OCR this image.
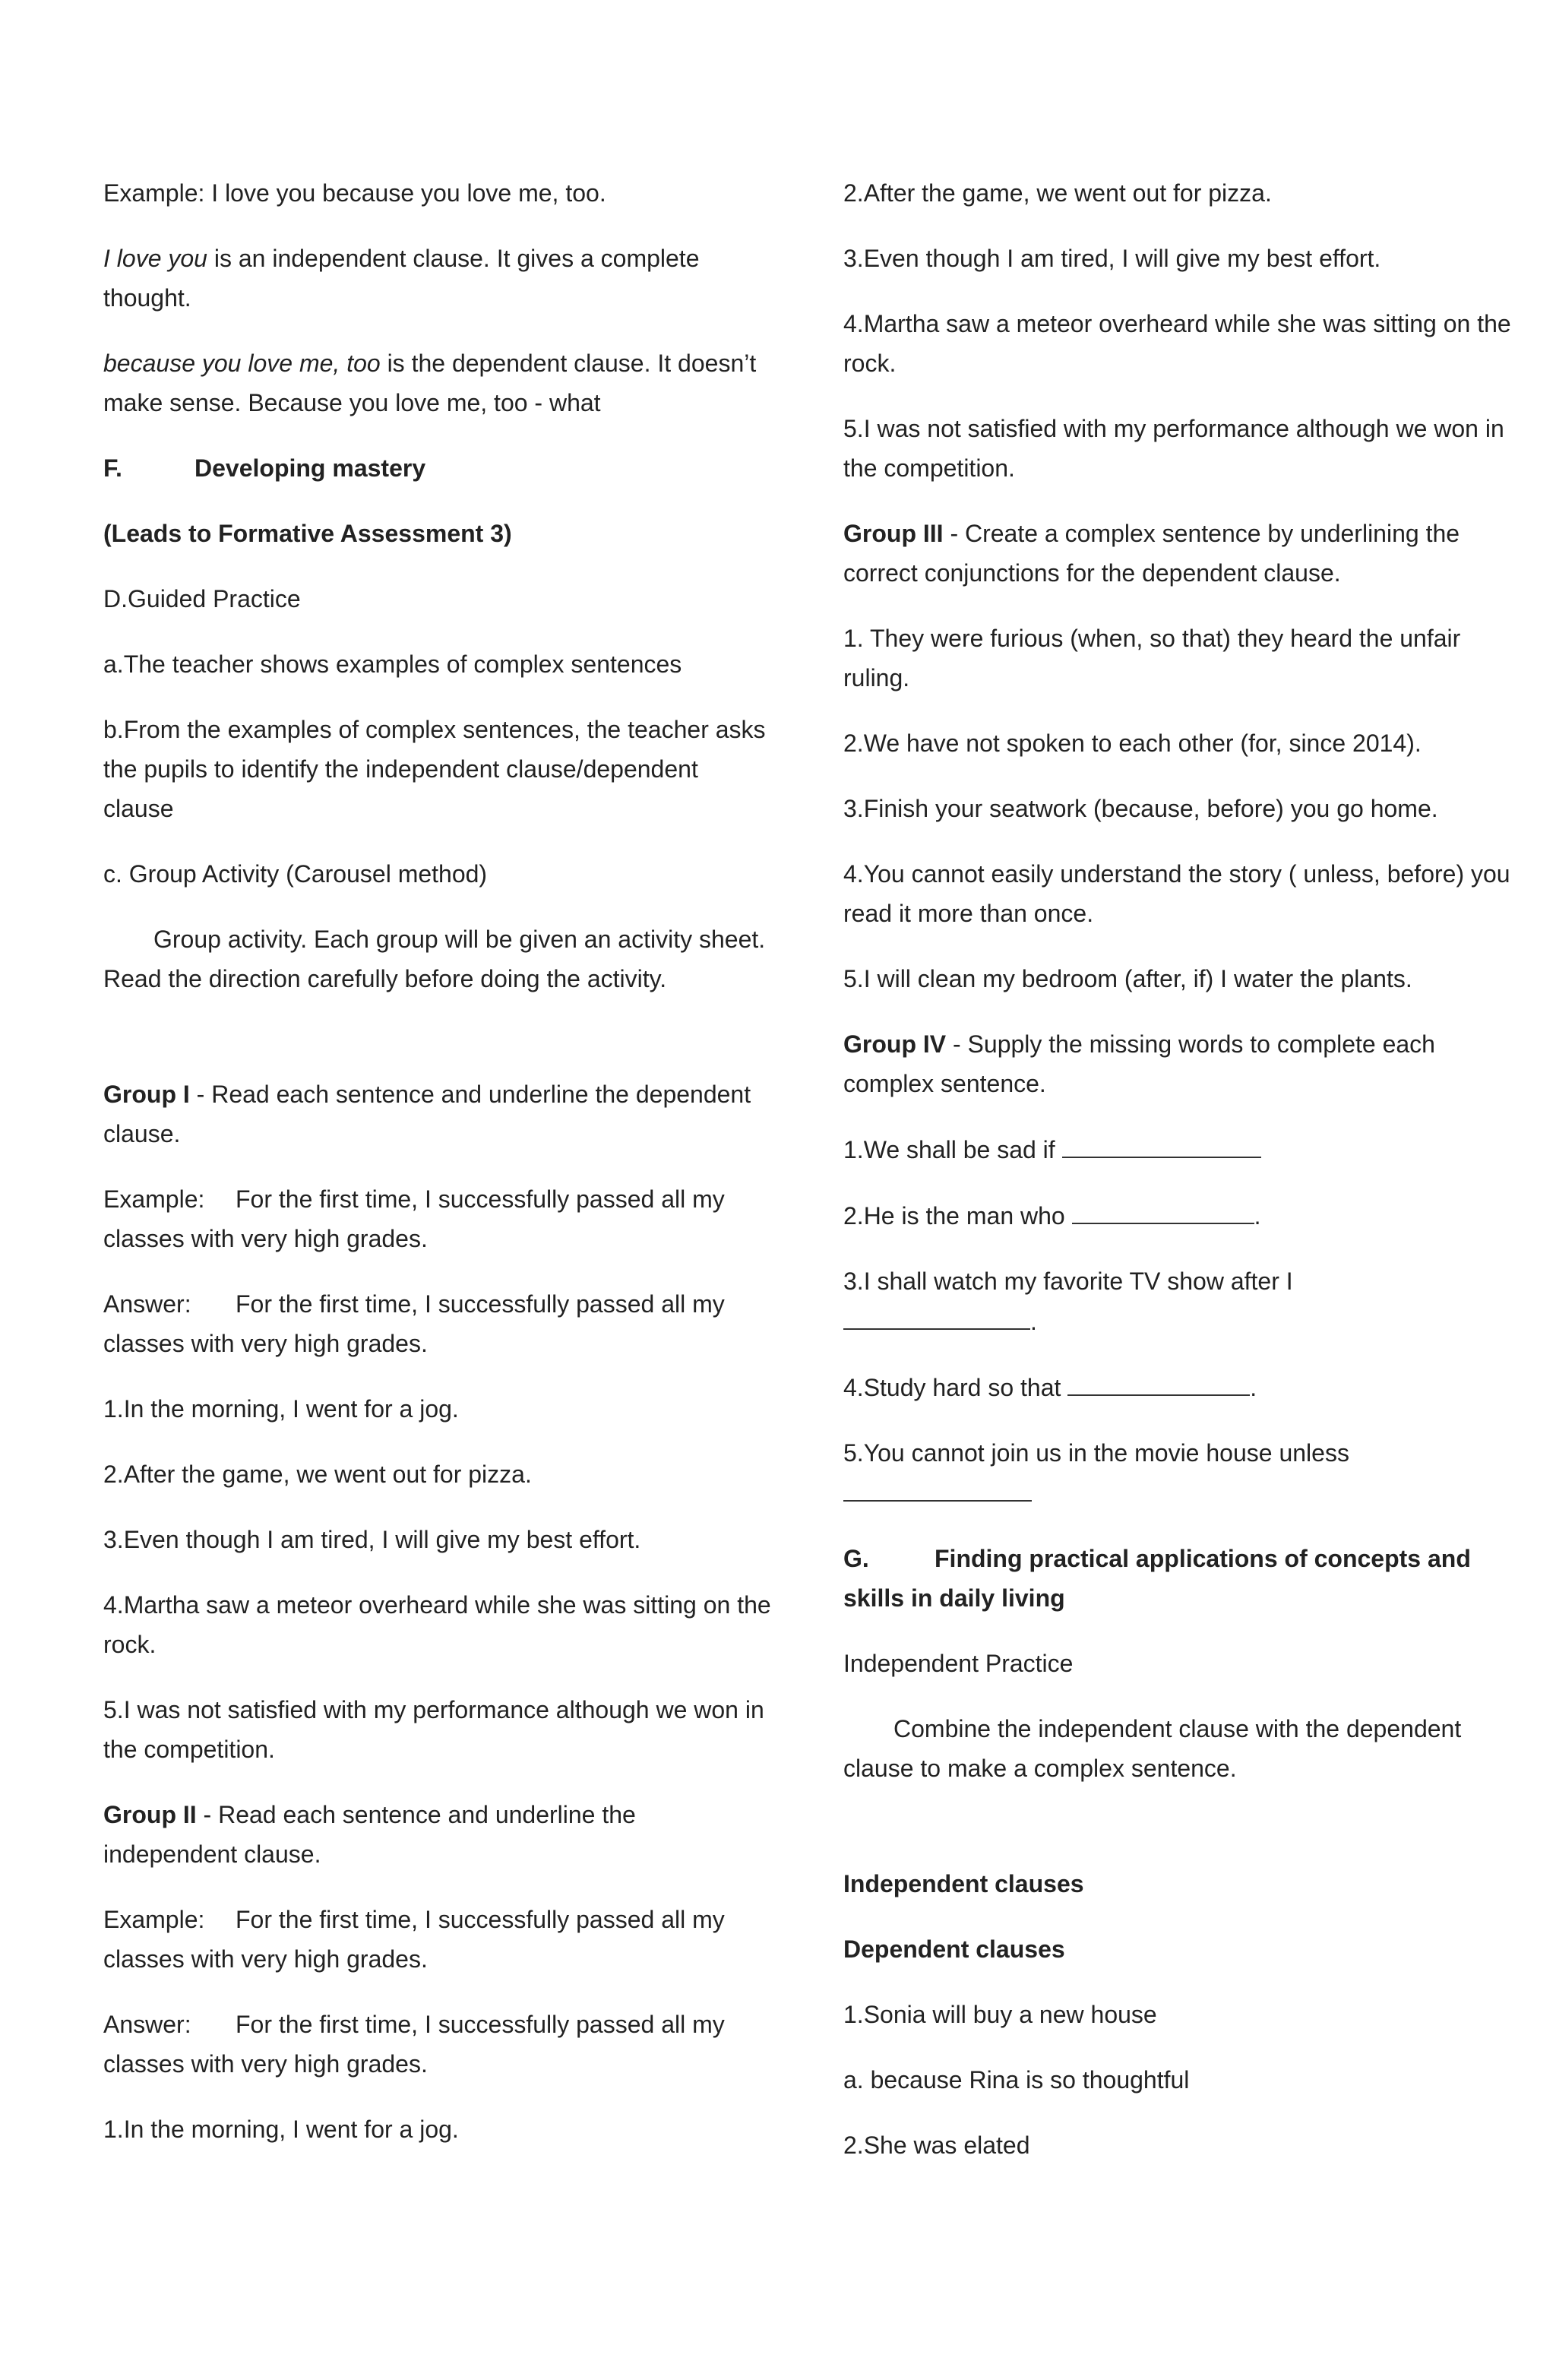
Example: I love you because you love me, too.

I love you is an independent clause. It gives a complete thought.

because you love me, too is the dependent clause. It doesn’t make sense. Because you love me, too - what

F.	Developing mastery

(Leads to Formative Assessment 3)

D.Guided Practice

a.The teacher shows examples of complex sentences

b.From the examples of complex sentences, the teacher asks the pupils to identify the independent clause/dependent clause

c. Group Activity (Carousel method)

Group activity. Each group will be given an activity sheet. Read the direction carefully before doing the activity.

Group I - Read each sentence and underline the dependent clause.

Example: For the first time, I successfully passed all my classes with very high grades.

Answer: For the first time, I successfully passed all my classes with very high grades.

1.In the morning, I went for a jog.

2.After the game, we went out for pizza.

3.Even though I am tired, I will give my best effort.

4.Martha saw a meteor overheard while she was sitting on the rock.

5.I was not satisfied with my performance although we won in the competition.

Group II - Read each sentence and underline the independent clause.

Example: For the first time, I successfully passed all my classes with very high grades.

Answer: For the first time, I successfully passed all my classes with very high grades.

1.In the morning, I went for a jog.

2.After the game, we went out for pizza.

3.Even though I am tired, I will give my best effort.

4.Martha saw a meteor overheard while she was sitting on the rock.

5.I was not satisfied with my performance although we won in the competition.

Group III - Create a complex sentence by underlining the correct conjunctions for the dependent clause.

1. They were furious (when, so that) they heard the unfair ruling.

2.We have not spoken to each other (for, since 2014).

3.Finish your seatwork (because, before) you go home.

4.You cannot easily understand the story ( unless, before) you read it more than once.

5.I will clean my bedroom (after, if) I water the plants.

Group IV - Supply the missing words to complete each complex sentence.

1.We shall be sad if

2.He is the man who	.

3.I shall watch my favorite TV show after I
.

4.Study hard so that	.

5.You cannot join us in the movie house unless

G.	Finding practical applications of concepts and skills in daily living

Independent Practice

Combine the independent clause with the dependent clause to make a complex sentence.

Independent clauses

Dependent clauses

1.Sonia will buy a new house

a. because Rina is so thoughtful

2.She was elated
